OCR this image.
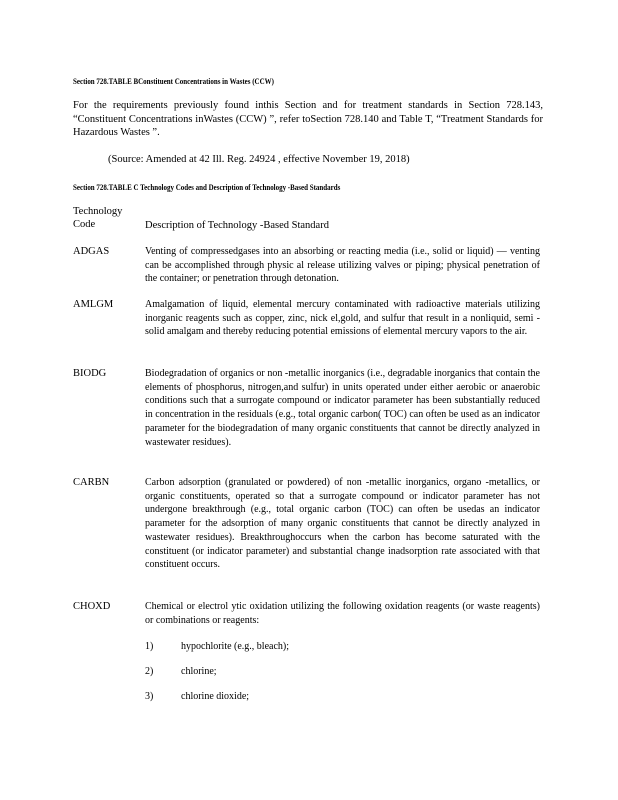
Section 728.TABLE BConstituent Concentrations in Wastes (CCW)
For the requirements previously found inthis Section and for treatment standards in Section 728.143, “Constituent Concentrations inWastes (CCW) ”, refer toSection 728.140 and Table T, “Treatment Standards for Hazardous Wastes ”.
(Source: Amended at 42 Ill. Reg. 24924 , effective November 19, 2018)
Section 728.TABLE C Technology Codes and Description of Technology -Based Standards
Technology Code	Description of Technology -Based Standard
ADGAS	Venting of compressedgases into an absorbing or reacting media (i.e., solid or liquid) — venting can be accomplished through physic al release utilizing valves or piping; physical penetration of the container; or penetration through detonation.
AMLGM	Amalgamation of liquid, elemental mercury contaminated with radioactive materials utilizing inorganic reagents such as copper, zinc, nick el,gold, and sulfur that result in a nonliquid, semi -solid amalgam and thereby reducing potential emissions of elemental mercury vapors to the air.
BIODG	Biodegradation of organics or non -metallic inorganics (i.e., degradable inorganics that contain the elements of phosphorus, nitrogen,and sulfur) in units operated under either aerobic or anaerobic conditions such that a surrogate compound or indicator parameter has been substantially reduced in concentration in the residuals (e.g., total organic carbon( TOC) can often be used as an indicator parameter for the biodegradation of many organic constituents that cannot be directly analyzed in wastewater residues).
CARBN	Carbon adsorption (granulated or powdered) of non -metallic inorganics, organo -metallics, or organic constituents, operated so that a surrogate compound or indicator parameter has not undergone breakthrough (e.g., total organic carbon (TOC) can often be usedas an indicator parameter for the adsorption of many organic constituents that cannot be directly analyzed in wastewater residues). Breakthroughoccurs when the carbon has become saturated with the constituent (or indicator parameter) and substantial change inadsorption rate associated with that constituent occurs.
CHOXD	Chemical or electrol ytic oxidation utilizing the following oxidation reagents (or waste reagents) or combinations or reagents:
1)	hypochlorite (e.g., bleach);
2)	chlorine;
3)	chlorine dioxide;
